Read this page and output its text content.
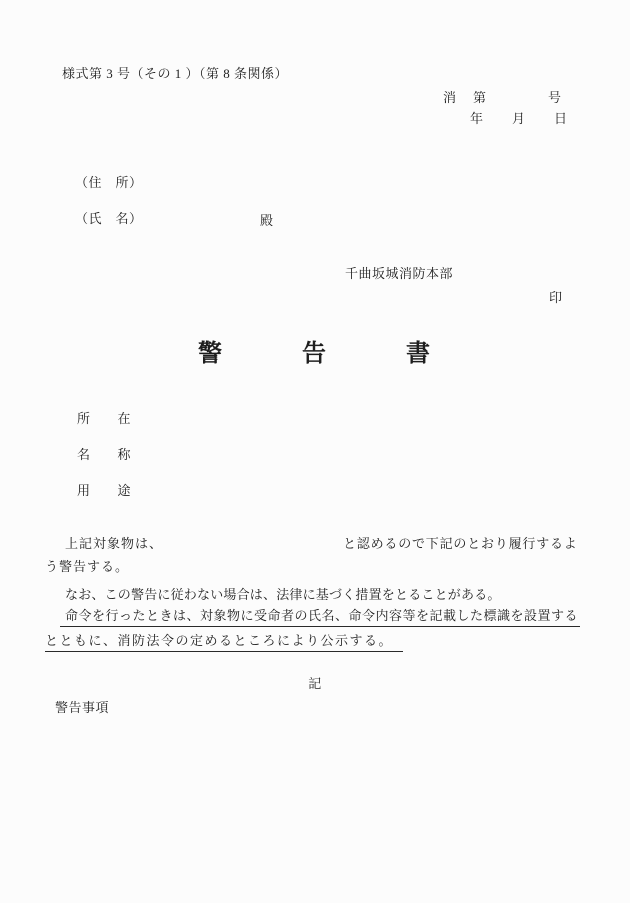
様式第 3 号（その 1 ）（第 8 条関係）
消　第　　　　号
年　　月　　日
（住　所）
（氏　名）	殿
千曲坂城消防本部
印
警　　　告　　　書
所　　在
名　　称
用　　途
上記対象物は、	と認めるので下記のとおり履行するよ
う警告する。
なお、この警告に従わない場合は、法律に基づく措置をとることがある。
命令を行ったときは、対象物に受命者の氏名、命令内容等を記載した標識を設置する
とともに、消防法令の定めるところにより公示する。
記
警告事項
